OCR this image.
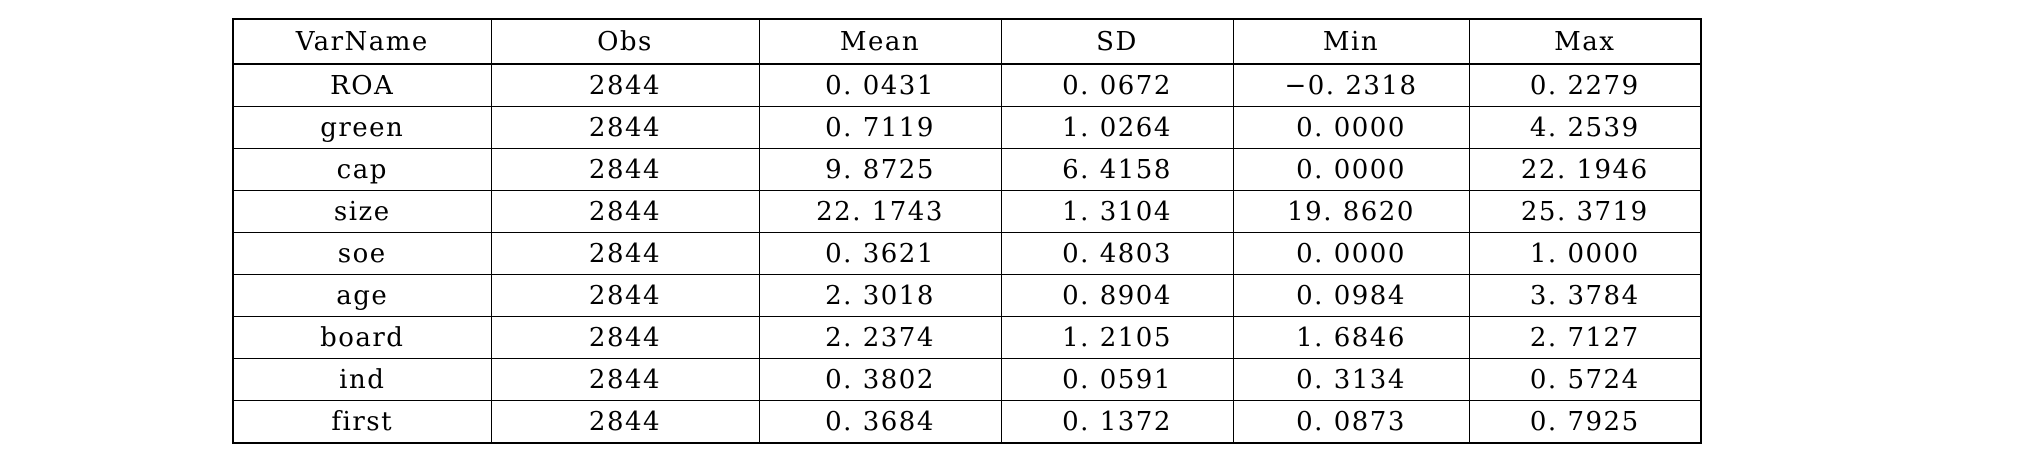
VarName	Obs	Mean	SD	Min	Max
ROA	2844	0. 0431	0. 0672	−0. 2318	0. 2279
green	2844	0. 7119	1. 0264	0. 0000	4. 2539
cap	2844	9. 8725	6. 4158	0. 0000	22. 1946
size	2844	22. 1743	1. 3104	19. 8620	25. 3719
soe	2844	0. 3621	0. 4803	0. 0000	1. 0000
age	2844	2. 3018	0. 8904	0. 0984	3. 3784
board	2844	2. 2374	1. 2105	1. 6846	2. 7127
ind	2844	0. 3802	0. 0591	0. 3134	0. 5724
first	2844	0. 3684	0. 1372	0. 0873	0. 7925
